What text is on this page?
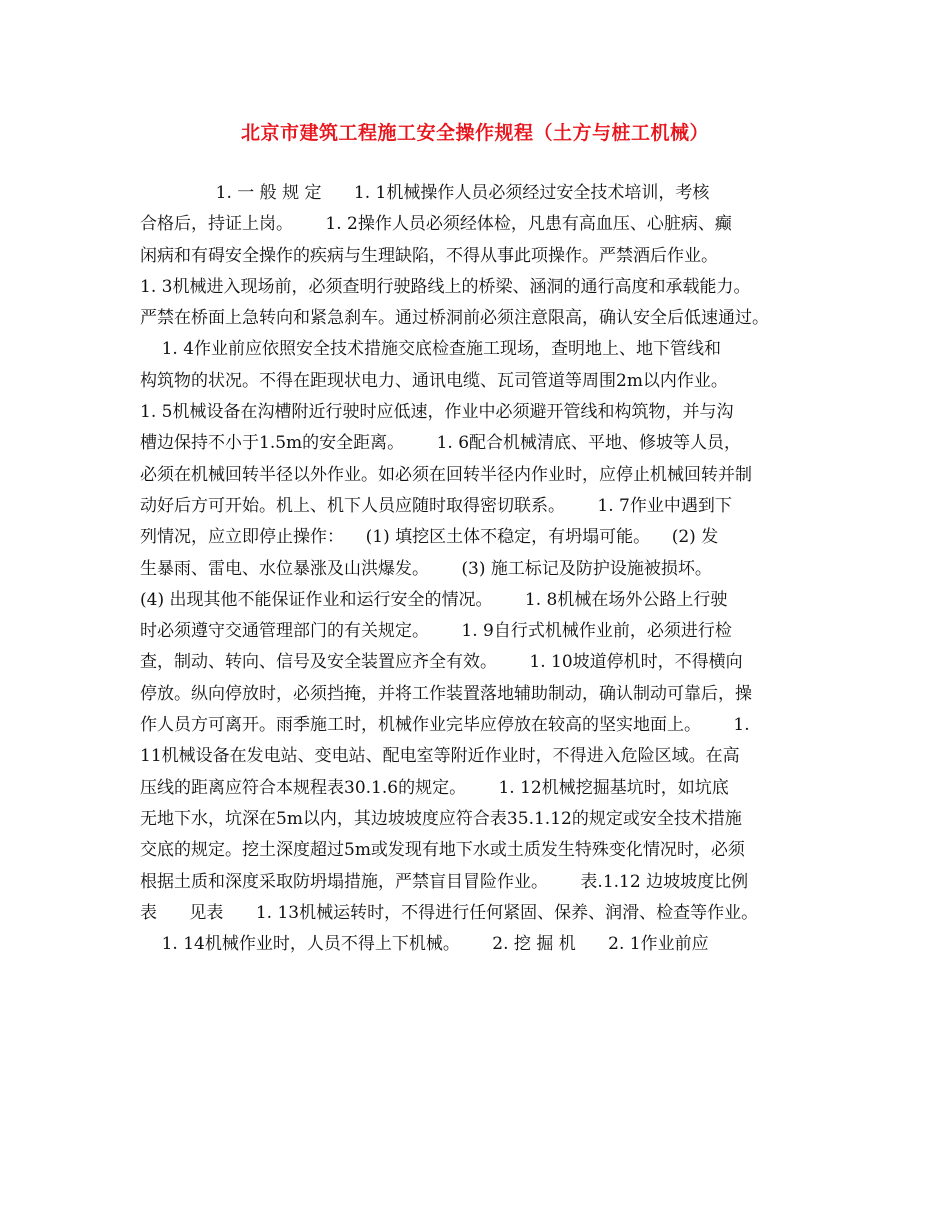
北京市建筑工程施工安全操作规程（土方与桩工机械）
1. 一 般 规 定      1. 1机械操作人员必须经过安全技术培训，考核
合格后，持证上岗。      1. 2操作人员必须经体检，凡患有高血压、心脏病、癫
闲病和有碍安全操作的疾病与生理缺陷，不得从事此项操作。严禁酒后作业。
1. 3机械进入现场前，必须查明行驶路线上的桥梁、涵洞的通行高度和承载能力。
严禁在桥面上急转向和紧急刹车。通过桥洞前必须注意限高，确认安全后低速通过。
1. 4作业前应依照安全技术措施交底检查施工现场，查明地上、地下管线和
构筑物的状况。不得在距现状电力、通讯电缆、瓦司管道等周围2m以内作业。
1. 5机械设备在沟槽附近行驶时应低速，作业中必须避开管线和构筑物，并与沟
槽边保持不小于1.5m的安全距离。      1. 6配合机械清底、平地、修坡等人员，
必须在机械回转半径以外作业。如必须在回转半径内作业时，应停止机械回转并制
动好后方可开始。机上、机下人员应随时取得密切联系。      1. 7作业中遇到下
列情况，应立即停止操作：    (1) 填挖区土体不稳定，有坍塌可能。    (2) 发
生暴雨、雷电、水位暴涨及山洪爆发。      (3) 施工标记及防护设施被损坏。
(4) 出现其他不能保证作业和运行安全的情况。      1. 8机械在场外公路上行驶
时必须遵守交通管理部门的有关规定。      1. 9自行式机械作业前，必须进行检
查，制动、转向、信号及安全装置应齐全有效。      1. 10坡道停机时，不得横向
停放。纵向停放时，必须挡掩，并将工作装置落地辅助制动，确认制动可靠后，操
作人员方可离开。雨季施工时，机械作业完毕应停放在较高的坚实地面上。      1.
11机械设备在发电站、变电站、配电室等附近作业时，不得进入危险区域。在高
压线的距离应符合本规程表30.1.6的规定。      1. 12机械挖掘基坑时，如坑底
无地下水，坑深在5m以内，其边坡坡度应符合表35.1.12的规定或安全技术措施
交底的规定。挖土深度超过5m或发现有地下水或土质发生特殊变化情况时，必须
根据土质和深度采取防坍塌措施，严禁盲目冒险作业。      表.1.12 边坡坡度比例
表      见表      1. 13机械运转时，不得进行任何紧固、保养、润滑、检查等作业。
1. 14机械作业时，人员不得上下机械。      2. 挖 掘 机      2. 1作业前应
